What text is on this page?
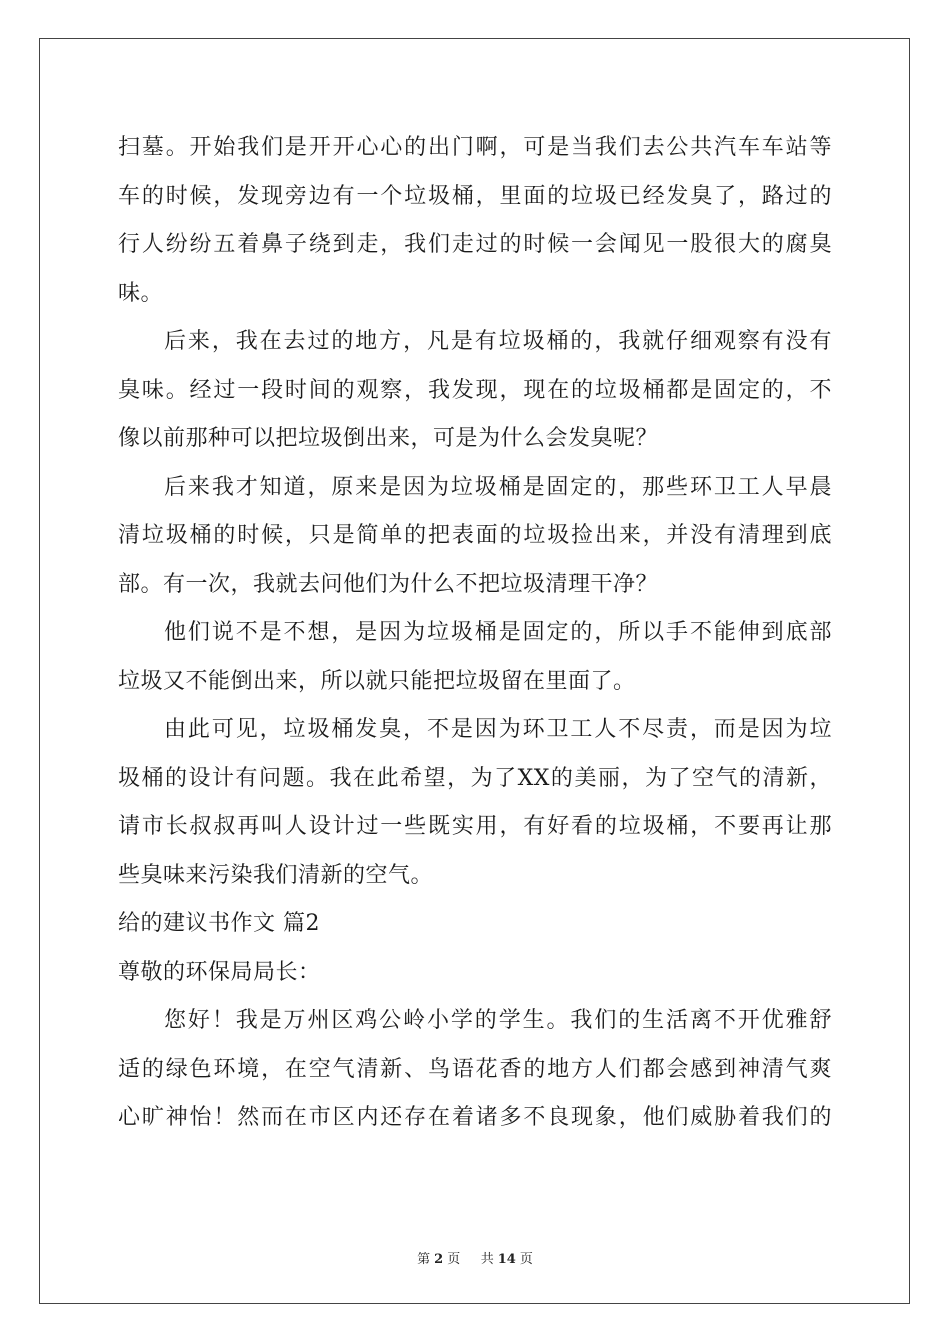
扫墓。开始我们是开开心心的出门啊，可是当我们去公共汽车车站等
车的时候，发现旁边有一个垃圾桶，里面的垃圾已经发臭了，路过的
行人纷纷五着鼻子绕到走，我们走过的时候一会闻见一股很大的腐臭
味。
后来，我在去过的地方，凡是有垃圾桶的，我就仔细观察有没有
臭味。经过一段时间的观察，我发现，现在的垃圾桶都是固定的，不
像以前那种可以把垃圾倒出来，可是为什么会发臭呢？
后来我才知道，原来是因为垃圾桶是固定的，那些环卫工人早晨
清垃圾桶的时候，只是简单的把表面的垃圾捡出来，并没有清理到底
部。有一次，我就去问他们为什么不把垃圾清理干净？
他们说不是不想，是因为垃圾桶是固定的，所以手不能伸到底部
垃圾又不能倒出来，所以就只能把垃圾留在里面了。
由此可见，垃圾桶发臭，不是因为环卫工人不尽责，而是因为垃
圾桶的设计有问题。我在此希望，为了XX的美丽，为了空气的清新，
请市长叔叔再叫人设计过一些既实用，有好看的垃圾桶，不要再让那
些臭味来污染我们清新的空气。
给的建议书作文 篇2
尊敬的环保局局长：
您好！我是万州区鸡公岭小学的学生。我们的生活离不开优雅舒
适的绿色环境，在空气清新、鸟语花香的地方人们都会感到神清气爽
心旷神怡！然而在市区内还存在着诸多不良现象，他们威胁着我们的
第 2 页 共 14 页
